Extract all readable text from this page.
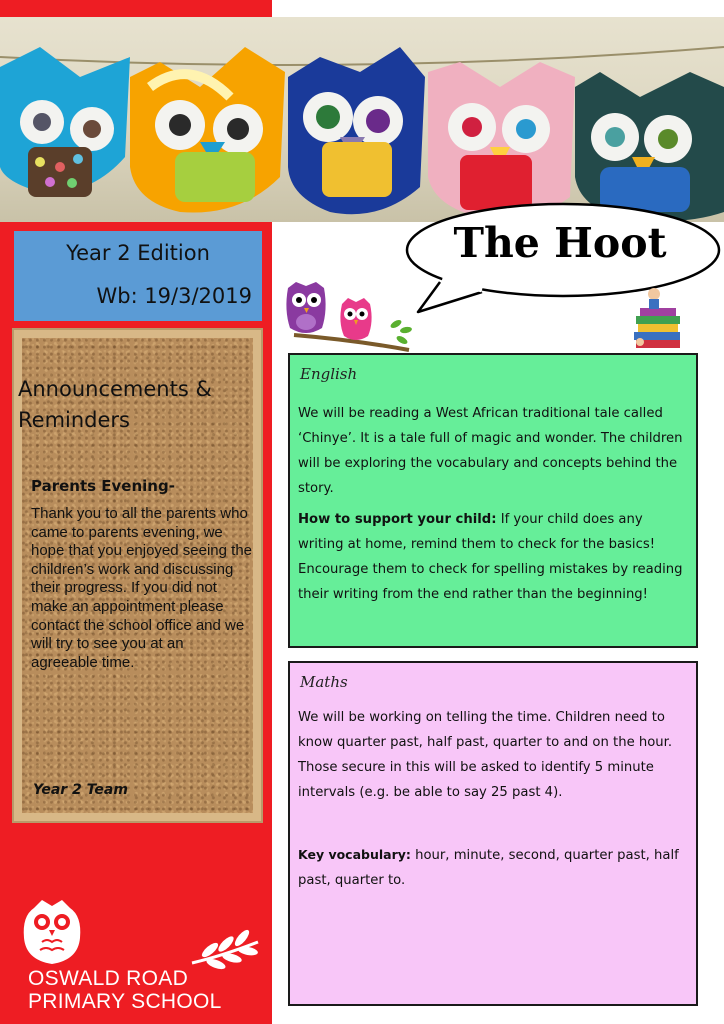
Year 2 Edition
Wb: 19/3/2019
Announcements & Reminders
Parents Evening-
Thank you to all the parents who came to parents evening, we hope that you enjoyed seeing the children’s work and discussing their progress. If you did not make an appointment please contact the school office and we will try to see you at an agreeable time.
Year 2 Team
OSWALD ROAD
PRIMARY SCHOOL
The Hoot
English
We will be reading a West African traditional tale called ‘Chinye’. It is a tale full of magic and wonder. The children will be exploring the vocabulary and concepts behind the story.
How to support your child: If your child does any writing at home, remind them to check for the basics! Encourage them to check for spelling mistakes by reading their writing from the end rather than the beginning!
Maths
We will be working on telling the time. Children need to know quarter past, half past, quarter to and on the hour. Those secure in this will be asked to identify 5 minute intervals (e.g. be able to say 25 past 4).
Key vocabulary: hour, minute, second, quarter past, half past, quarter to.
